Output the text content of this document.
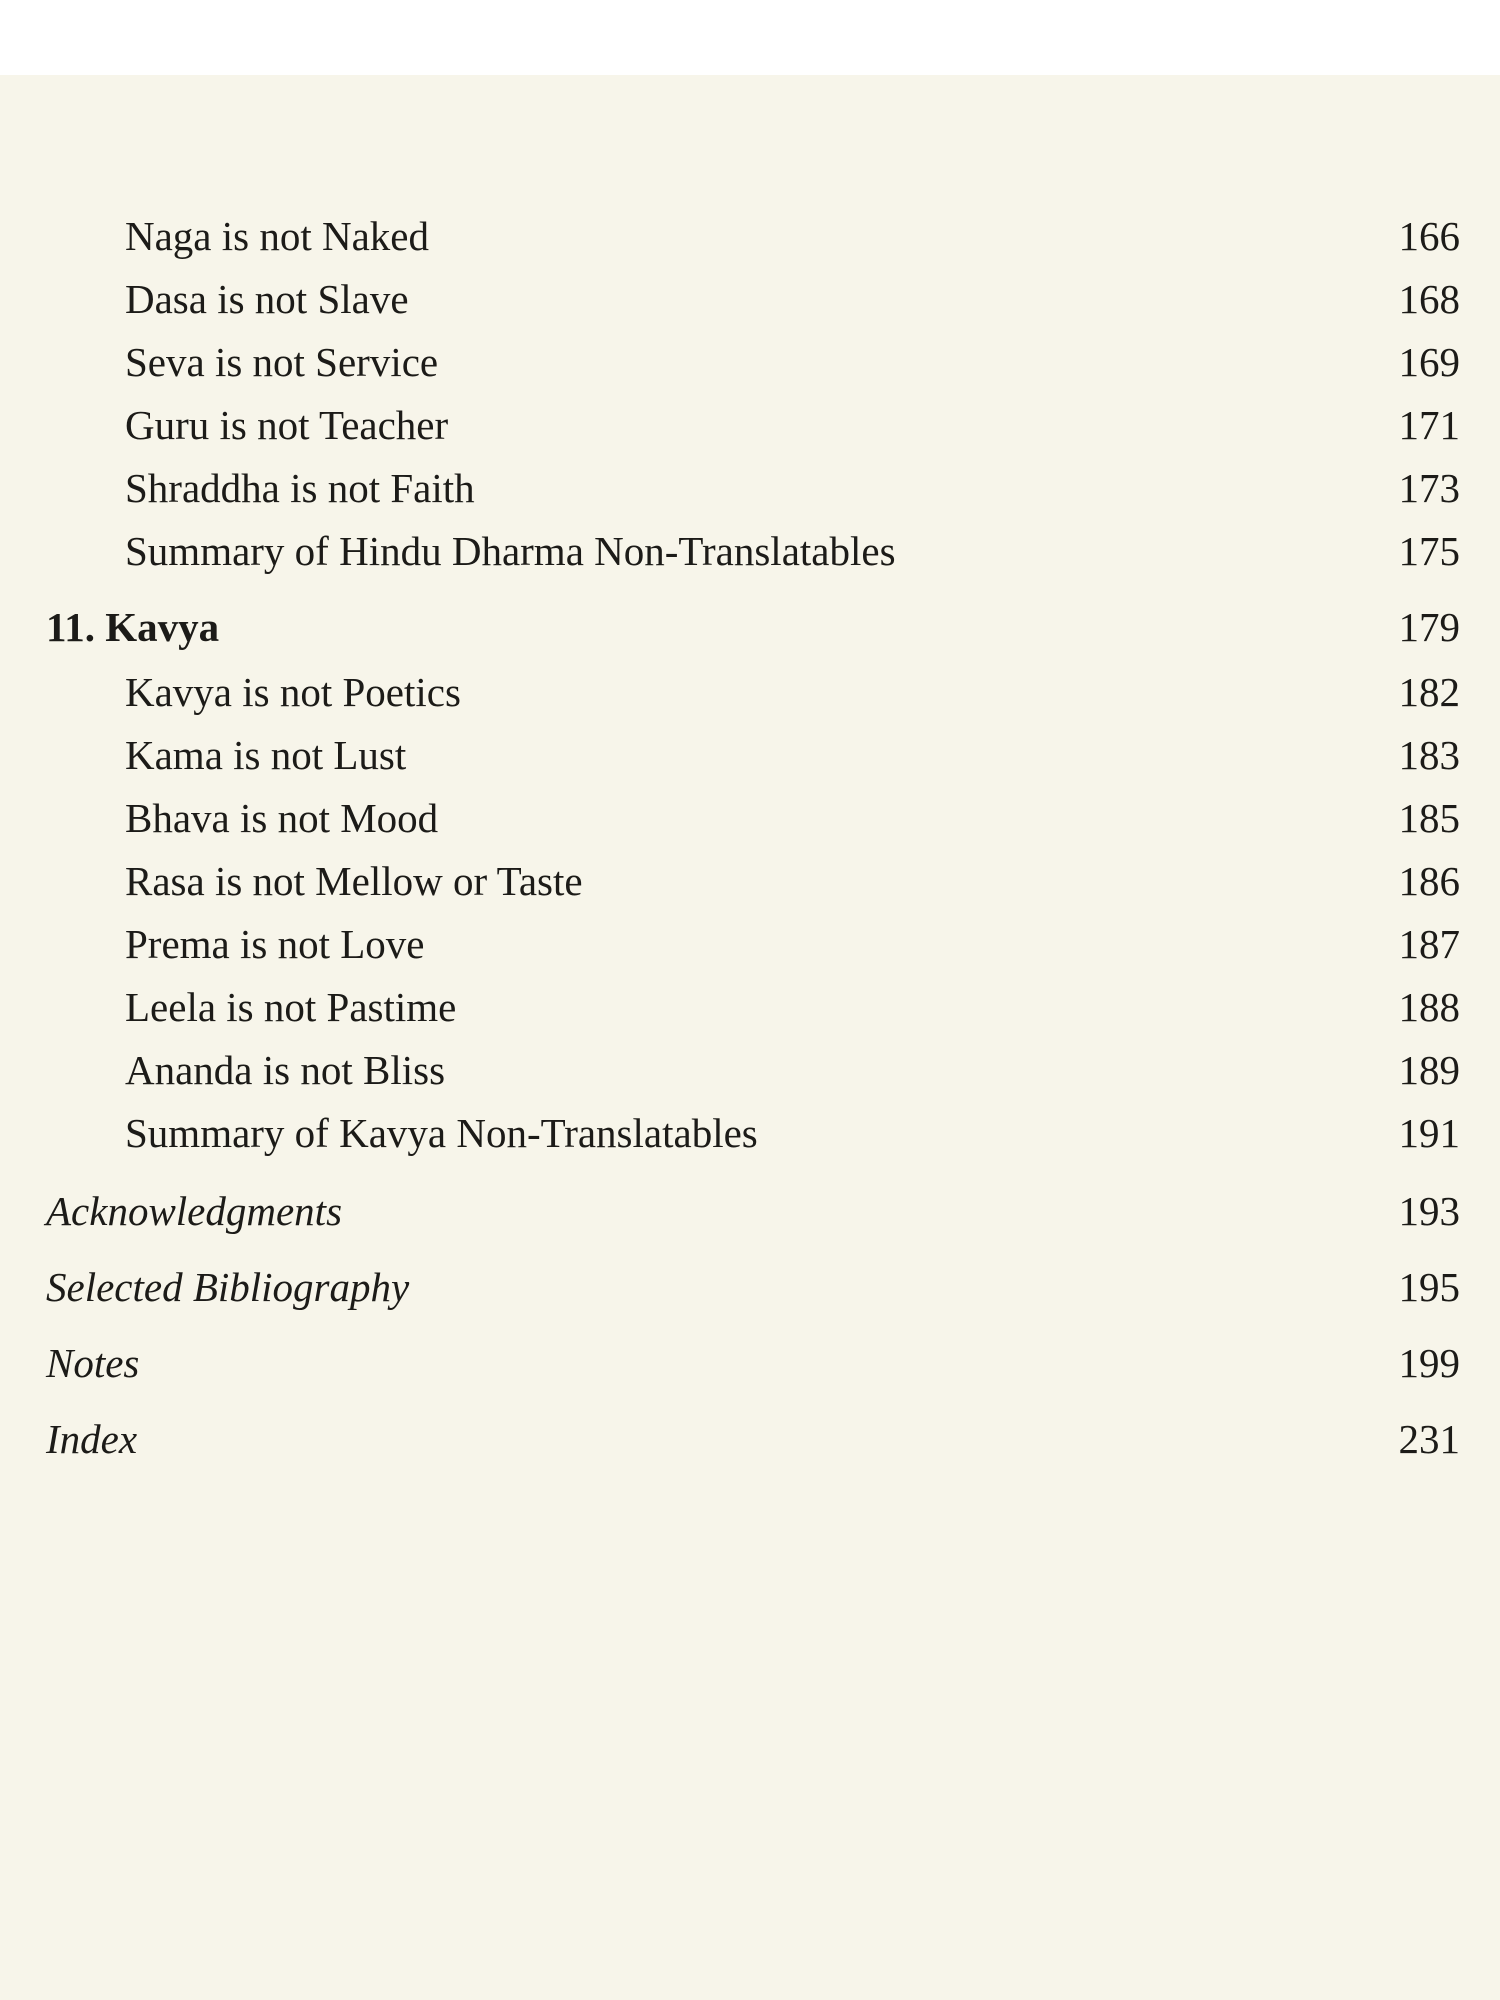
Naga is not Naked	166
Dasa is not Slave	168
Seva is not Service	169
Guru is not Teacher	171
Shraddha is not Faith	173
Summary of Hindu Dharma Non-Translatables	175
11. Kavya	179
Kavya is not Poetics	182
Kama is not Lust	183
Bhava is not Mood	185
Rasa is not Mellow or Taste	186
Prema is not Love	187
Leela is not Pastime	188
Ananda is not Bliss	189
Summary of Kavya Non-Translatables	191
Acknowledgments	193
Selected Bibliography	195
Notes	199
Index	231
